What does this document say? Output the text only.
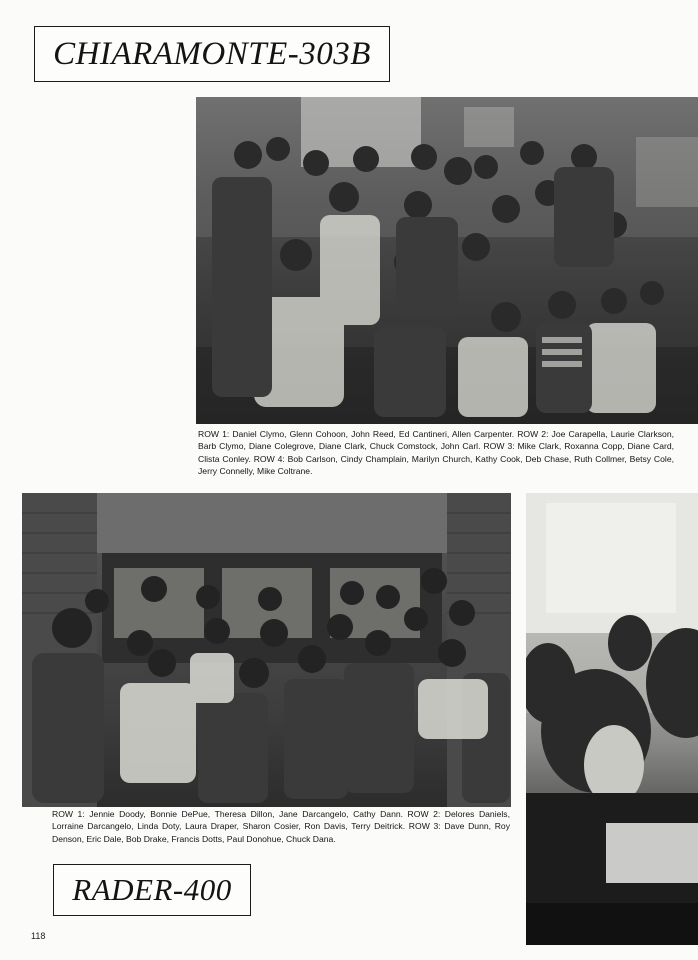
CHIARAMONTE-303B

ROW 1: Daniel Clymo, Glenn Cohoon, John Reed, Ed Cantineri, Allen Carpenter. ROW 2: Joe Carapella, Laurie Clarkson, Barb Clymo, Diane Colegrove, Diane Clark, Chuck Comstock, John Carl. ROW 3: Mike Clark, Roxanna Copp, Diane Card, Clista Conley. ROW 4: Bob Carlson, Cindy Champlain, Marilyn Church, Kathy Cook, Deb Chase, Ruth Collmer, Betsy Cole, Jerry Connelly, Mike Coltrane.

ROW 1: Jennie Doody, Bonnie DePue, Theresa Dillon, Jane Darcangelo, Cathy Dann. ROW 2: Delores Daniels, Lorraine Darcangelo, Linda Doty, Laura Draper, Sharon Cosier, Ron Davis, Terry Deitrick. ROW 3: Dave Dunn, Roy Denson, Eric Dale, Bob Drake, Francis Dotts, Paul Donohue, Chuck Dana.

RADER-400
118
